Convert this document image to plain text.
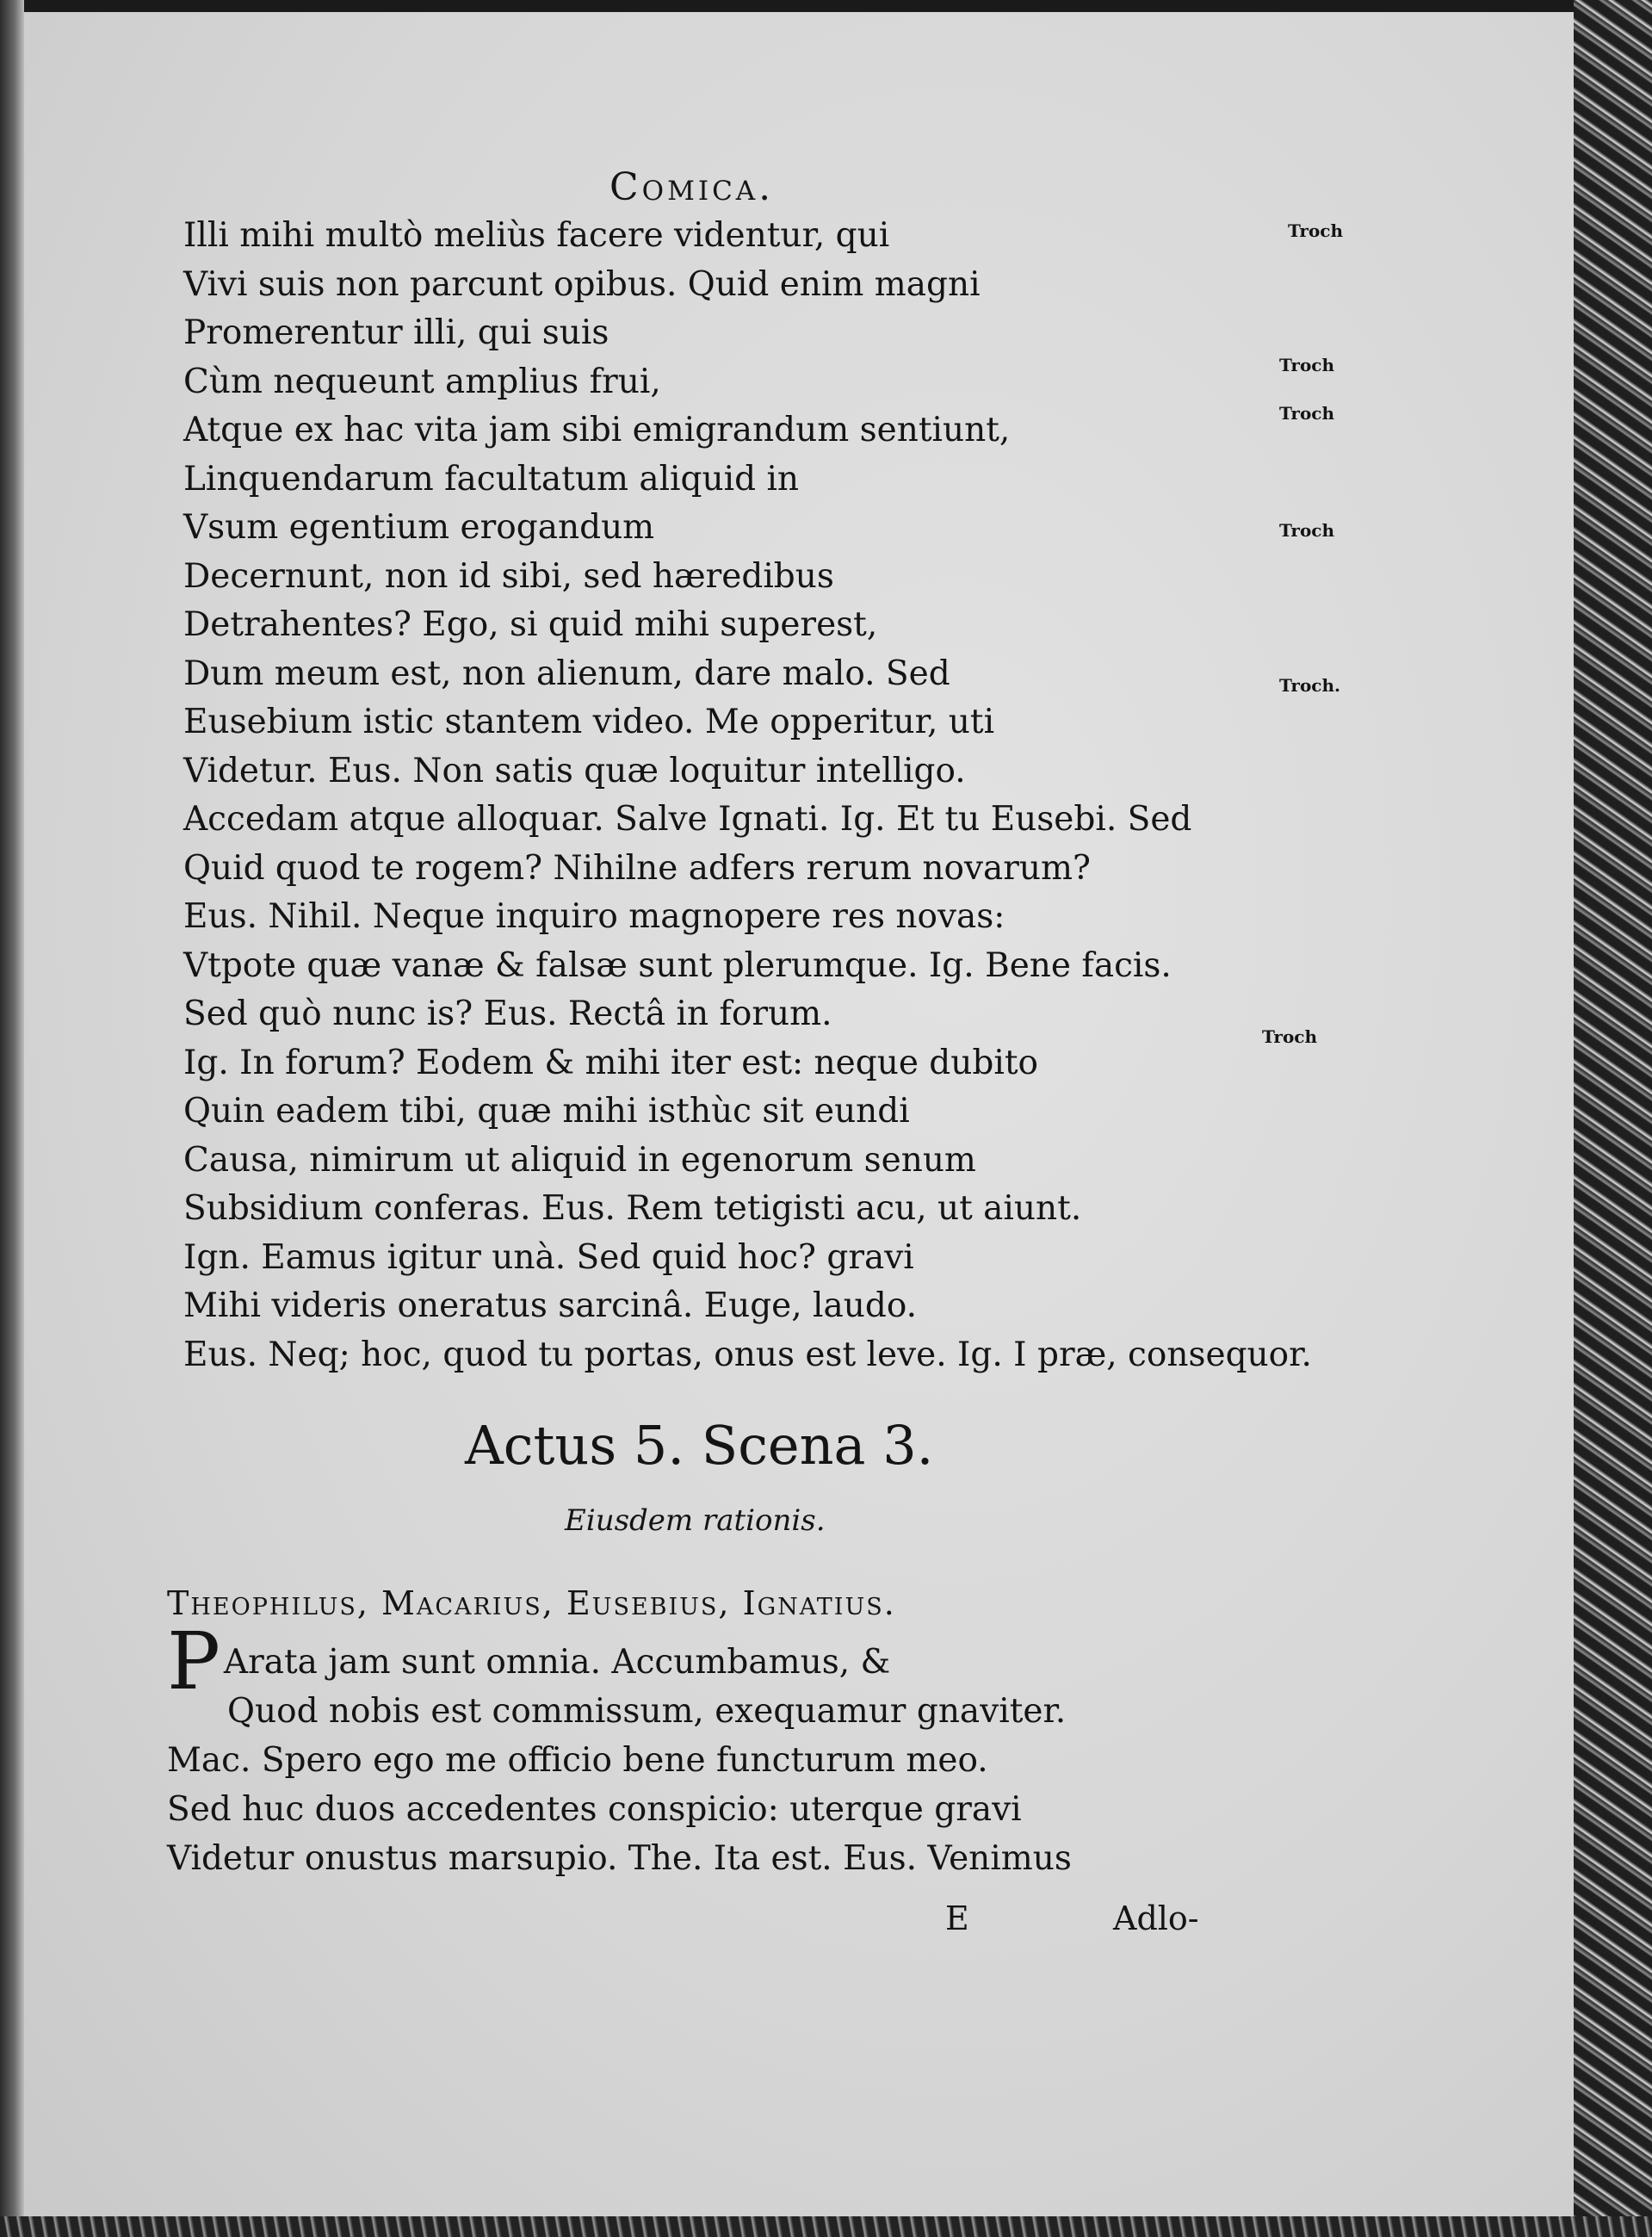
Comica.
Illi mihi multò meliùs facere videntur, qui
Vivi suis non parcunt opibus. Quid enim magni
Promerentur illi, qui suis
Cùm nequeunt amplius frui,
Atque ex hac vita jam sibi emigrandum sentiunt,
Linquendarum facultatum aliquid in
Vsum egentium erogandum
Decernunt, non id sibi, sed hæredibus
Detrahentes? Ego, si quid mihi superest,
Dum meum est, non alienum, dare malo. Sed
Eusebium istic stantem video. Me opperitur, uti
Videtur. Eus. Non satis quæ loquitur intelligo.
Accedam atque alloquar. Salve Ignati. Ig. Et tu Eusebi. Sed
Quid quod te rogem? Nihilne adfers rerum novarum?
Eus. Nihil. Neque inquiro magnopere res novas:
Vtpote quæ vanæ & falsæ sunt plerumque. Ig. Bene facis.
Sed quò nunc is? Eus. Rectâ in forum.
Ig. In forum? Eodem & mihi iter est: neque dubito
Quin eadem tibi, quæ mihi isthùc sit eundi
Causa, nimirum ut aliquid in egenorum senum
Subsidium conferas. Eus. Rem tetigisti acu, ut aiunt.
Ign. Eamus igitur unà. Sed quid hoc? gravi
Mihi videris oneratus sarcinâ. Euge, laudo.
Eus. Neq; hoc, quod tu portas, onus est leve. Ig. I præ, consequor.
Troch
Troch
Troch
Troch
Troch.
Troch
Actus 5. Scena 3.
Eiusdem rationis.
Theophilus, Macarius, Eusebius, Ignatius.
P Arata jam sunt omnia. Accumbamus, &
Quod nobis est commissum, exequamur gnaviter.
Mac. Spero ego me officio bene functurum meo.
Sed huc duos accedentes conspicio: uterque gravi
Videtur onustus marsupio. The. Ita est. Eus. Venimus
E	Adlo-
